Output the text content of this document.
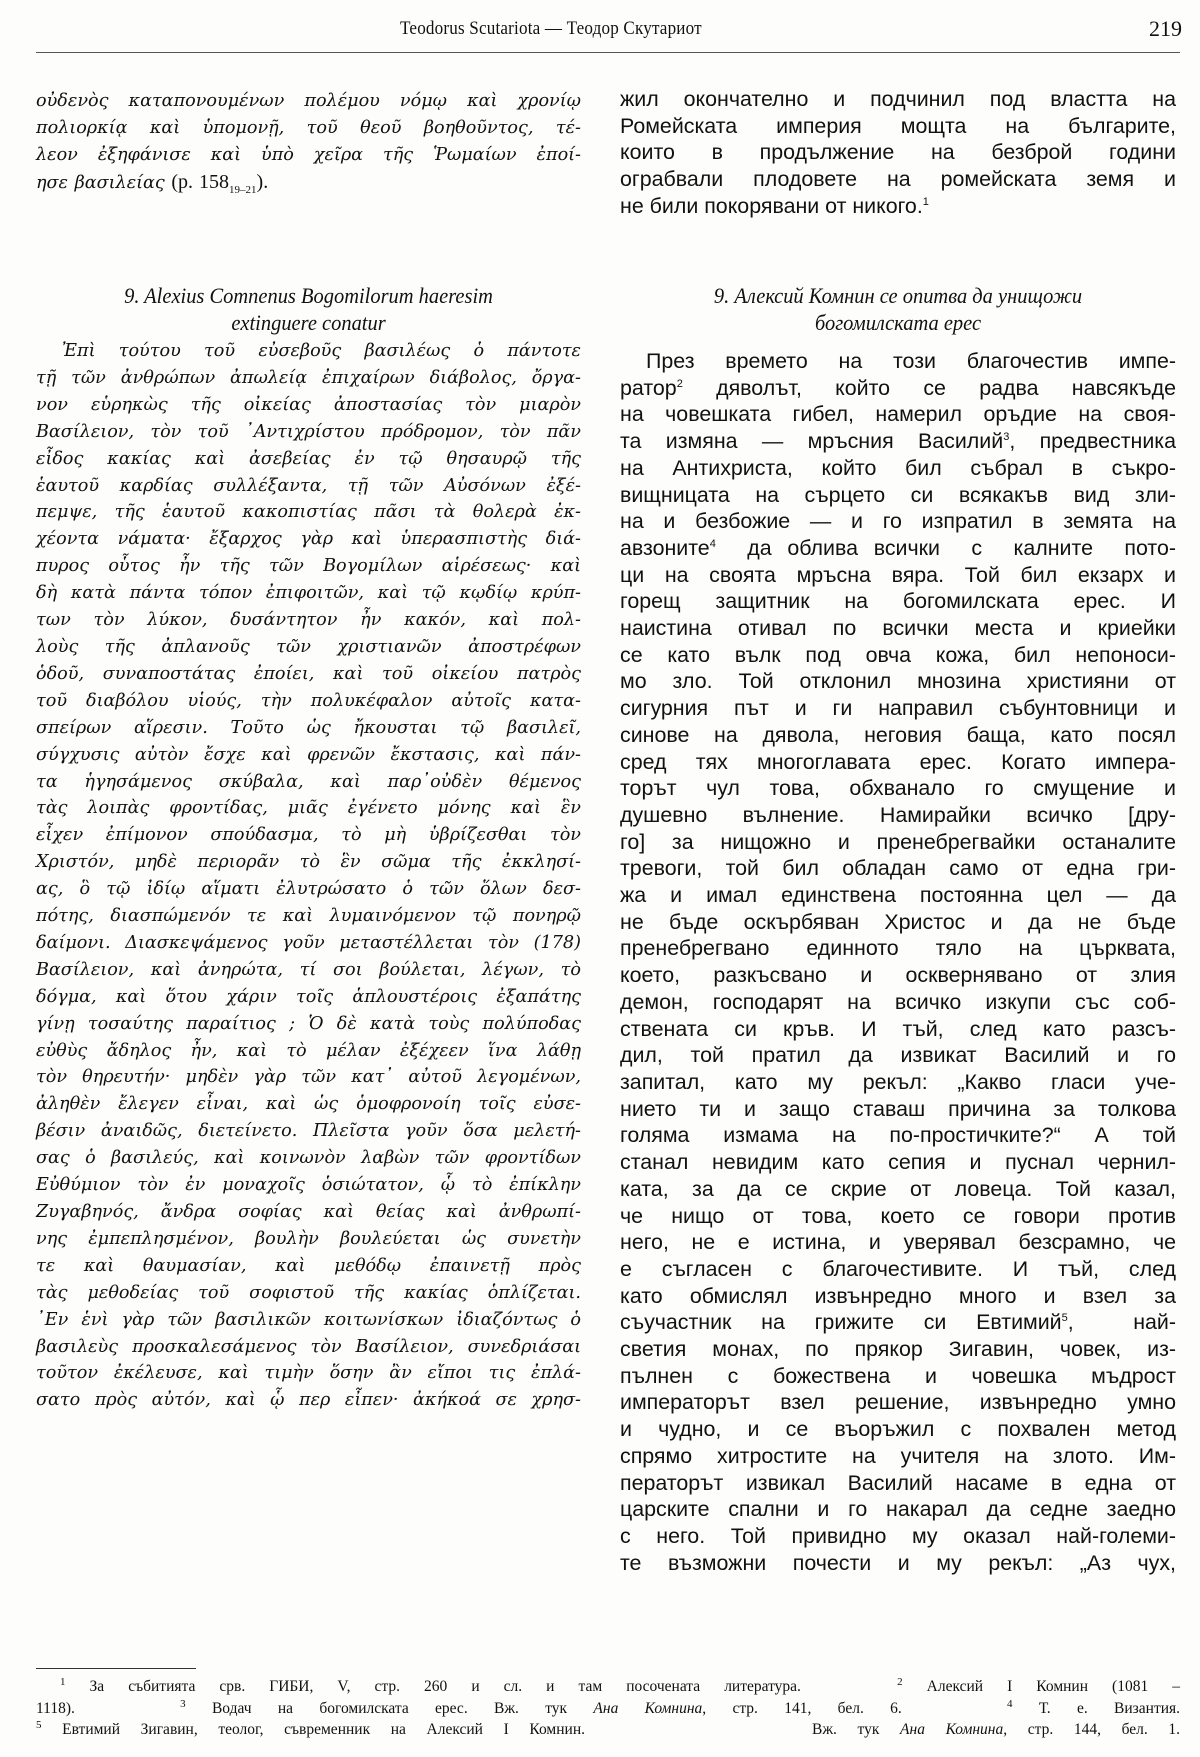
Teodorus Scutariota — Теодор Скутариот	219
οὐδενὸς καταπονουμένων πολέμου νόμῳ καὶ χρονίῳ
πολιορκίᾳ καὶ ὑπομονῇ, τοῦ θεοῦ βοηθοῦντος, τέ-
λεον ἐξηφάνισε καὶ ὑπὸ χεῖρα τῆς Ῥωμαίων ἐποί-
ησε βασιλείας (p. $158_{19-21}$).
9. Alexius Comnenus Bogomilorum haeresim
extinguere conatur
Ἐπὶ τούτου τοῦ εὐσεβοῦς βασιλέως ὁ πάντοτε
τῇ τῶν ἀνθρώπων ἀπωλείᾳ ἐπιχαίρων διάβολος, ὄργα-
νον εὑρηκὼς τῆς οἰκείας ἀποστασίας τὸν μιαρὸν
Βασίλειον, τὸν τοῦ ᾿Αντιχρίστου πρόδρομον, τὸν πᾶν
εἶδος κακίας καὶ ἀσεβείας ἐν τῷ θησαυρῷ τῆς
ἑαυτοῦ καρδίας συλλέξαντα, τῇ τῶν Αὐσόνων ἐξέ-
πεμψε, τῆς ἑαυτοῦ κακοπιστίας πᾶσι τὰ θολερὰ ἐκ-
χέοντα νάματα· ἔξαρχος γὰρ καὶ ὑπερασπιστὴς διά-
πυρος οὗτος ἦν τῆς τῶν Βογομίλων αἱρέσεως· καὶ
δὴ κατὰ πάντα τόπον ἐπιφοιτῶν, καὶ τῷ κῳδίῳ κρύπ-
των τὸν λύκον, δυσάντητον ἦν κακόν, καὶ πολ-
λοὺς τῆς ἀπλανοῦς τῶν χριστιανῶν ἀποστρέφων
ὁδοῦ, συναποστάτας ἐποίει, καὶ τοῦ οἰκείου πατρὸς
τοῦ διαβόλου υἱούς, τὴν πολυκέφαλον αὐτοῖς κατα-
σπείρων αἵρεσιν. Τοῦτο ὡς ἤκουσται τῷ βασιλεῖ,
σύγχυσις αὐτὸν ἔσχε καὶ φρενῶν ἔκστασις, καὶ πάν-
τα ἡγησάμενος σκύβαλα, καὶ παρ᾿οὐδὲν θέμενος
τὰς λοιπὰς φροντίδας, μιᾶς ἐγένετο μόνης καὶ ἓν
εἶχεν ἐπίμονον σπούδασμα, τὸ μὴ ὑβρίζεσθαι τὸν
Χριστόν, μηδὲ περιορᾶν τὸ ἓν σῶμα τῆς ἐκκλησί-
ας, ὃ τῷ ἰδίῳ αἵματι ἐλυτρώσατο ὁ τῶν ὅλων δεσ-
πότης, διασπώμενόν τε καὶ λυμαινόμενον τῷ πονηρῷ
δαίμονι. Διασκεψάμενος γοῦν μεταστέλλεται τὸν (178)
Βασίλειον, καὶ ἀνηρώτα, τί σοι βούλεται, λέγων, τὸ
δόγμα, καὶ ὅτου χάριν τοῖς ἁπλουστέροις ἐξαπάτης
γίνῃ τοσαύτης παραίτιος ; Ὁ δὲ κατὰ τοὺς πολύποδας
εὐθὺς ἄδηλος ἦν, καὶ τὸ μέλαν ἐξέχεεν ἵνα λάθῃ
τὸν θηρευτήν· μηδὲν γὰρ τῶν κατ᾿ αὐτοῦ λεγομένων,
ἀληθὲν ἔλεγεν εἶναι, καὶ ὡς ὁμοφρονοίη τοῖς εὐσε-
βέσιν ἀναιδῶς, διετείνετο. Πλεῖστα γοῦν ὅσα μελετή-
σας ὁ βασιλεύς, καὶ κοινωνὸν λαβὼν τῶν φροντίδων
Εὐθύμιον τὸν ἐν μοναχοῖς ὁσιώτατον, ᾧ τὸ ἐπίκλην
Ζυγαβηνός, ἄνδρα σοφίας καὶ θείας καὶ ἀνθρωπί-
νης ἐμπεπλησμένον, βουλὴν βουλεύεται ὡς συνετὴν
τε καὶ θαυμασίαν, καὶ μεθόδῳ ἐπαινετῇ πρὸς
τὰς μεθοδείας τοῦ σοφιστοῦ τῆς κακίας ὁπλίζεται.
᾿Εν ἑνὶ γὰρ τῶν βασιλικῶν κοιτωνίσκων ἰδιαζόντως ὁ
βασιλεὺς προσκαλεσάμενος τὸν Βασίλειον, συνεδριάσαι
τοῦτον ἐκέλευσε, καὶ τιμὴν ὅσην ἂν εἴποι τις ἐπλά-
σατο πρὸς αὐτόν, καὶ ᾧ περ εἶπεν· ἀκήκοά σε χρησ-
жил окончателно и подчинил под властта на
Ромейската империя мощта на българите,
които в продължение на безброй години
ограбвали плодовете на ромейската земя и
не били покорявани от никого.$^1$
9. Алексий Комнин се опитва да унищожи
богомилската ерес
През времето на този благочестив импе-
ратор$^2$  дяволът,  който  се  радва  навсякъде
на човешката гибел, намерил оръдие на своя-
та измяна — мръсния Василий$^3$, предвестника
на Антихриста, който бил събрал в съкро-
вищницата на сърцето си всякакъв вид зли-
на и безбожие — и го изпратил в земята на
авзоните$^4$  да облива всички  с  калните  пото-
ци на своята мръсна вяра. Той бил екзарх и
горещ защитник на богомилската ерес. И
наистина отивал по всички места и криейки
се като вълк под овча кожа, бил непоноси-
мо зло. Той отклонил мнозина християни от
сигурния път и ги направил събунтовници и
синове на дявола, неговия баща, като посял
сред тях многоглавата ерес. Когато импера-
торът чул това, обхванало го смущение и
душевно вълнение. Намирайки всичко [дру-
го] за нищожно и пренебрегвайки останалите
тревоги, той бил обладан само от една гри-
жа и имал единствена постоянна цел — да
не бъде оскърбяван Христос и да не бъде
пренебрегвано единното тяло на църквата,
което, разкъсвано и осквернявано от злия
демон, господарят на всичко изкупи със соб-
ствената си кръв. И тъй, след като разсъ-
дил, той пратил да извикат Василий и го
запитал, като му рекъл: „Какво гласи уче-
нието ти и защо ставаш причина за толкова
голяма измама на по-простичките?“ А той
станал невидим като сепия и пуснал чернил-
ката, за да се скрие от ловеца. Той казал,
че нищо от това, което се говори против
него, не е истина, и уверявал безсрамно, че
е съгласен с благочестивите. И тъй, след
като обмислял извънредно много и взел за
съучастник на грижите си Евтимий$^5$,  най-
светия монах, по прякор Зигавин, човек, из-
пълнен с божествена и човешка мъдрост
императорът взел решение, извънредно умно
и чудно, и се въоръжил с похвален метод
спрямо хитростите на учителя на злото. Им-
ператорът извикал Василий насаме в една от
царските спални и го накарал да седне заедно
с него. Той привидно му оказал най-големи-
те възможни почести и му рекъл: „Аз чух,
$^1$ За събитията срв. ГИБИ, V, стр. 260 и сл. и там посочената литература.	$^2$ Алексий I Комнин (1081 –
1118).	$^3$ Водач на богомилската ерес. Вж. тук Ана Комнина, стр. 141, бел. 6.	$^4$ Т. е. Византия.
$^5$ Евтимий Зигавин, теолог, съвременник на Алексий I Комнин.	Вж. тук Ана Комнина, стр. 144, бел. 1.
